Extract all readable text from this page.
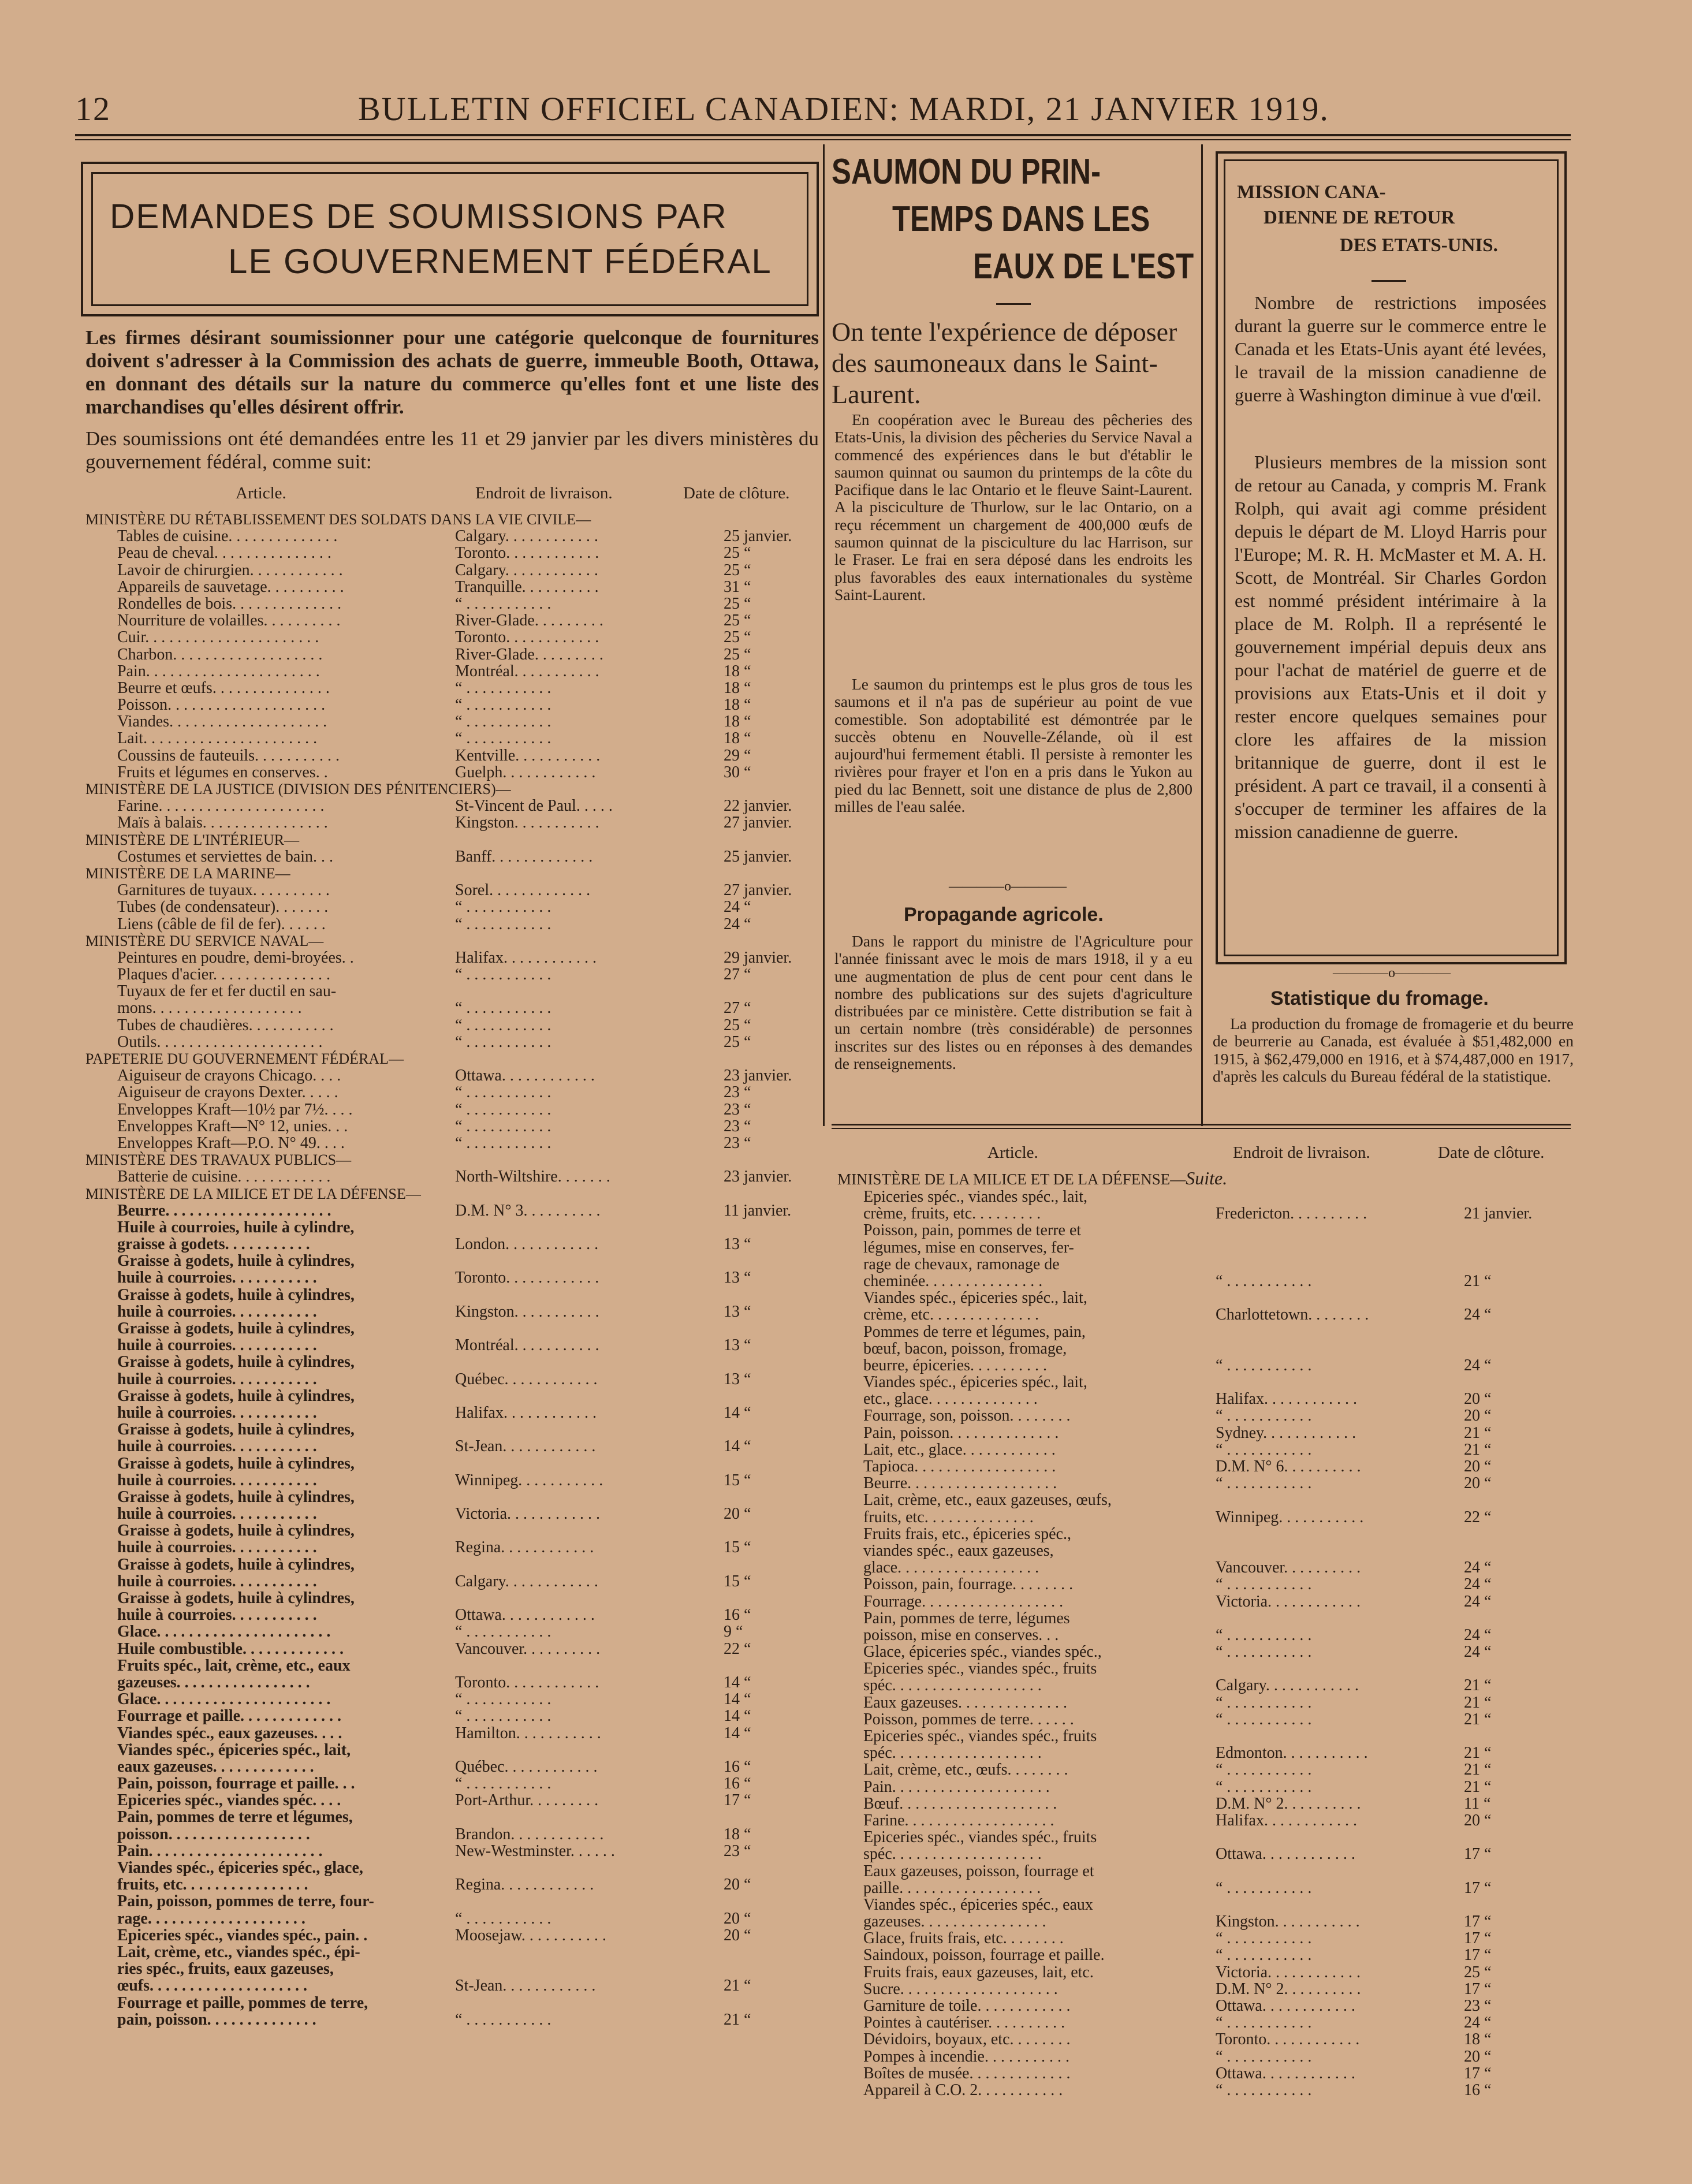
12	BULLETIN OFFICIEL CANADIEN: MARDI, 21 JANVIER 1919.
DEMANDES DE SOUMISSIONS PAR
LE GOUVERNEMENT FÉDÉRAL
Les firmes désirant soumissionner pour une catégorie quelconque de fournitures doivent s'adresser à la Commission des achats de guerre, immeuble Booth, Ottawa, en donnant des détails sur la nature du commerce qu'elles font et une liste des marchandises qu'elles désirent offrir.
Des soumissions ont été demandées entre les 11 et 29 janvier par les divers ministères du gouvernement fédéral, comme suit:
Article.	Endroit de livraison.	Date de clôture.
MINISTÈRE DU RÉTABLISSEMENT DES SOLDATS DANS LA VIE CIVILE—
Tables de cuisine. . . . . . . . . . . . . .	Calgary. . . . . . . . . . . .	25 janvier.
Peau de cheval. . . . . . . . . . . . . . .	Toronto. . . . . . . . . . . .	25 “
Lavoir de chirurgien. . . . . . . . . . . .	Calgary. . . . . . . . . . . .	25 “
Appareils de sauvetage. . . . . . . . . .	Tranquille. . . . . . . . . .	31 “
Rondelles de bois. . . . . . . . . . . . . .	“ . . . . . . . . . . .	25 “
Nourriture de volailles. . . . . . . . . .	River-Glade. . . . . . . . .	25 “
Cuir. . . . . . . . . . . . . . . . . . . . . .	Toronto. . . . . . . . . . . .	25 “
Charbon. . . . . . . . . . . . . . . . . . .	River-Glade. . . . . . . . .	25 “
Pain. . . . . . . . . . . . . . . . . . . . . .	Montréal. . . . . . . . . . .	18 “
Beurre et œufs. . . . . . . . . . . . . . .	“ . . . . . . . . . . .	18 “
Poisson. . . . . . . . . . . . . . . . . . . .	“ . . . . . . . . . . .	18 “
Viandes. . . . . . . . . . . . . . . . . . . .	“ . . . . . . . . . . .	18 “
Lait. . . . . . . . . . . . . . . . . . . . . .	“ . . . . . . . . . . .	18 “
Coussins de fauteuils. . . . . . . . . . .	Kentville. . . . . . . . . . .	29 “
Fruits et légumes en conserves. .	Guelph. . . . . . . . . . . .	30 “
MINISTÈRE DE LA JUSTICE (DIVISION DES PÉNITENCIERS)—
Farine. . . . . . . . . . . . . . . . . . . . .	St-Vincent de Paul. . . . .	22 janvier.
Maïs à balais. . . . . . . . . . . . . . . .	Kingston. . . . . . . . . . .	27 janvier.
MINISTÈRE DE L'INTÉRIEUR—
Costumes et serviettes de bain. . .	Banff. . . . . . . . . . . . .	25 janvier.
MINISTÈRE DE LA MARINE—
Garnitures de tuyaux. . . . . . . . . .	Sorel. . . . . . . . . . . . .	27 janvier.
Tubes (de condensateur). . . . . . .	“ . . . . . . . . . . .	24 “
Liens (câble de fil de fer). . . . . .	“ . . . . . . . . . . .	24 “
MINISTÈRE DU SERVICE NAVAL—
Peintures en poudre, demi-broyées. .	Halifax. . . . . . . . . . . .	29 janvier.
Plaques d'acier. . . . . . . . . . . . . . .	“ . . . . . . . . . . .	27 “
Tuyaux de fer et fer ductil en sau-
mons. . . . . . . . . . . . . . . . . . .	“ . . . . . . . . . . .	27 “
Tubes de chaudières. . . . . . . . . . .	“ . . . . . . . . . . .	25 “
Outils. . . . . . . . . . . . . . . . . . . . .	“ . . . . . . . . . . .	25 “
PAPETERIE DU GOUVERNEMENT FÉDÉRAL—
Aiguiseur de crayons Chicago. . . .	Ottawa. . . . . . . . . . . .	23 janvier.
Aiguiseur de crayons Dexter. . . . .	“ . . . . . . . . . . .	23 “
Enveloppes Kraft—10½ par 7½. . . .	“ . . . . . . . . . . .	23 “
Enveloppes Kraft—N° 12, unies. . .	“ . . . . . . . . . . .	23 “
Enveloppes Kraft—P.O. N° 49. . . .	“ . . . . . . . . . . .	23 “
MINISTÈRE DES TRAVAUX PUBLICS—
Batterie de cuisine. . . . . . . . . . . .	North-Wiltshire. . . . . . .	23 janvier.
MINISTÈRE DE LA MILICE ET DE LA DÉFENSE—
Beurre. . . . . . . . . . . . . . . . . . . . .	D.M. N° 3. . . . . . . . . .	11 janvier.
Huile à courroies, huile à cylindre,
graisse à godets. . . . . . . . . . .	London. . . . . . . . . . . .	13 “
Graisse à godets, huile à cylindres,
huile à courroies. . . . . . . . . . .	Toronto. . . . . . . . . . . .	13 “
Graisse à godets, huile à cylindres,
huile à courroies. . . . . . . . . . .	Kingston. . . . . . . . . . .	13 “
Graisse à godets, huile à cylindres,
huile à courroies. . . . . . . . . . .	Montréal. . . . . . . . . . .	13 “
Graisse à godets, huile à cylindres,
huile à courroies. . . . . . . . . . .	Québec. . . . . . . . . . . .	13 “
Graisse à godets, huile à cylindres,
huile à courroies. . . . . . . . . . .	Halifax. . . . . . . . . . . .	14 “
Graisse à godets, huile à cylindres,
huile à courroies. . . . . . . . . . .	St-Jean. . . . . . . . . . . .	14 “
Graisse à godets, huile à cylindres,
huile à courroies. . . . . . . . . . .	Winnipeg. . . . . . . . . . .	15 “
Graisse à godets, huile à cylindres,
huile à courroies. . . . . . . . . . .	Victoria. . . . . . . . . . . .	20 “
Graisse à godets, huile à cylindres,
huile à courroies. . . . . . . . . . .	Regina. . . . . . . . . . . .	15 “
Graisse à godets, huile à cylindres,
huile à courroies. . . . . . . . . . .	Calgary. . . . . . . . . . . .	15 “
Graisse à godets, huile à cylindres,
huile à courroies. . . . . . . . . . .	Ottawa. . . . . . . . . . . .	16 “
Glace. . . . . . . . . . . . . . . . . . . . . .	“ . . . . . . . . . . .	9 “
Huile combustible. . . . . . . . . . . . .	Vancouver. . . . . . . . . .	22 “
Fruits spéc., lait, crème, etc., eaux
gazeuses. . . . . . . . . . . . . . . . .	Toronto. . . . . . . . . . . .	14 “
Glace. . . . . . . . . . . . . . . . . . . . . .	“ . . . . . . . . . . .	14 “
Fourrage et paille. . . . . . . . . . . . .	“ . . . . . . . . . . .	14 “
Viandes spéc., eaux gazeuses. . . .	Hamilton. . . . . . . . . . .	14 “
Viandes spéc., épiceries spéc., lait,
eaux gazeuses. . . . . . . . . . . . .	Québec. . . . . . . . . . . .	16 “
Pain, poisson, fourrage et paille. . .	“ . . . . . . . . . . .	16 “
Epiceries spéc., viandes spéc. . . .	Port-Arthur. . . . . . . . .	17 “
Pain, pommes de terre et légumes,
poisson. . . . . . . . . . . . . . . . . .	Brandon. . . . . . . . . . . .	18 “
Pain. . . . . . . . . . . . . . . . . . . . . .	New-Westminster. . . . . .	23 “
Viandes spéc., épiceries spéc., glace,
fruits, etc. . . . . . . . . . . . . . . .	Regina. . . . . . . . . . . .	20 “
Pain, poisson, pommes de terre, four-
rage. . . . . . . . . . . . . . . . . . . .	“ . . . . . . . . . . .	20 “
Epiceries spéc., viandes spéc., pain. .	Moosejaw. . . . . . . . . . .	20 “
Lait, crème, etc., viandes spéc., épi-
ries spéc., fruits, eaux gazeuses,
œufs. . . . . . . . . . . . . . . . . . . .	St-Jean. . . . . . . . . . . .	21 “
Fourrage et paille, pommes de terre,
pain, poisson. . . . . . . . . . . . . .	“ . . . . . . . . . . .	21 “
SAUMON DU PRIN-
TEMPS DANS LES
EAUX DE L'EST
On tente l'expérience de déposer des saumoneaux dans le Saint-Laurent.
En coopération avec le Bureau des pêcheries des Etats-Unis, la division des pêcheries du Service Naval a commencé des expériences dans le but d'établir le saumon quinnat ou saumon du printemps de la côte du Pacifique dans le lac Ontario et le fleuve Saint-Laurent. A la pisciculture de Thurlow, sur le lac Ontario, on a reçu récemment un chargement de 400,000 œufs de saumon quinnat de la pisciculture du lac Harrison, sur le Fraser. Le frai en sera déposé dans les endroits les plus favorables des eaux internationales du système Saint-Laurent.
Le saumon du printemps est le plus gros de tous les saumons et il n'a pas de supérieur au point de vue comestible. Son adoptabilité est démontrée par le succès obtenu en Nouvelle-Zélande, où il est aujourd'hui fermement établi. Il persiste à remonter les rivières pour frayer et l'on en a pris dans le Yukon au pied du lac Bennett, soit une distance de plus de 2,800 milles de l'eau salée.
————o————
Propagande agricole.
Dans le rapport du ministre de l'Agriculture pour l'année finissant avec le mois de mars 1918, il y a eu une augmentation de plus de cent pour cent dans le nombre des publications sur des sujets d'agriculture distribuées par ce ministère. Cette distribution se fait à un certain nombre (très considérable) de personnes inscrites sur des listes ou en réponses à des demandes de renseignements.
MISSION CANA-
DIENNE DE RETOUR
DES ETATS-UNIS.
Nombre de restrictions imposées durant la guerre sur le commerce entre le Canada et les Etats-Unis ayant été levées, le travail de la mission canadienne de guerre à Washington diminue à vue d'œil.
Plusieurs membres de la mission sont de retour au Canada, y compris M. Frank Rolph, qui avait agi comme président depuis le départ de M. Lloyd Harris pour l'Europe; M. R. H. McMaster et M. A. H. Scott, de Montréal. Sir Charles Gordon est nommé président intérimaire à la place de M. Rolph. Il a représenté le gouvernement impérial depuis deux ans pour l'achat de matériel de guerre et de provisions aux Etats-Unis et il doit y rester encore quelques semaines pour clore les affaires de la mission britannique de guerre, dont il est le président. A part ce travail, il a consenti à s'occuper de terminer les affaires de la mission canadienne de guerre.
————o————
Statistique du fromage.
La production du fromage de fromagerie et du beurre de beurrerie au Canada, est évaluée à $51,482,000 en 1915, à $62,479,000 en 1916, et à $74,487,000 en 1917, d'après les calculs du Bureau fédéral de la statistique.
Article.	Endroit de livraison.	Date de clôture.
MINISTÈRE DE LA MILICE ET DE LA DÉFENSE—Suite.
Epiceries spéc., viandes spéc., lait,
crème, fruits, etc. . . . . . . . .	Fredericton. . . . . . . . . .	21 janvier.
Poisson, pain, pommes de terre et
légumes, mise en conserves, fer-
rage de chevaux, ramonage de
cheminée. . . . . . . . . . . . . . .	“ . . . . . . . . . . .	21 “
Viandes spéc., épiceries spéc., lait,
crème, etc. . . . . . . . . . . . . .	Charlottetown. . . . . . . .	24 “
Pommes de terre et légumes, pain,
bœuf, bacon, poisson, fromage,
beurre, épiceries. . . . . . . . . .	“ . . . . . . . . . . .	24 “
Viandes spéc., épiceries spéc., lait,
etc., glace. . . . . . . . . . . . . .	Halifax. . . . . . . . . . . .	20 “
Fourrage, son, poisson. . . . . . . .	“ . . . . . . . . . . .	20 “
Pain, poisson. . . . . . . . . . . . . .	Sydney. . . . . . . . . . . .	21 “
Lait, etc., glace. . . . . . . . . . . .	“ . . . . . . . . . . .	21 “
Tapioca. . . . . . . . . . . . . . . . . .	D.M. N° 6. . . . . . . . . .	20 “
Beurre. . . . . . . . . . . . . . . . . . .	“ . . . . . . . . . . .	20 “
Lait, crème, etc., eaux gazeuses, œufs,
fruits, etc. . . . . . . . . . . . . .	Winnipeg. . . . . . . . . . .	22 “
Fruits frais, etc., épiceries spéc.,
viandes spéc., eaux gazeuses,
glace. . . . . . . . . . . . . . . . . .	Vancouver. . . . . . . . . .	24 “
Poisson, pain, fourrage. . . . . . . .	“ . . . . . . . . . . .	24 “
Fourrage. . . . . . . . . . . . . . . . . .	Victoria. . . . . . . . . . . .	24 “
Pain, pommes de terre, légumes
poisson, mise en conserves. . .	“ . . . . . . . . . . .	24 “
Glace, épiceries spéc., viandes spéc.,	“ . . . . . . . . . . .	24 “
Epiceries spéc., viandes spéc., fruits
spéc. . . . . . . . . . . . . . . . . . .	Calgary. . . . . . . . . . . .	21 “
Eaux gazeuses. . . . . . . . . . . . . .	“ . . . . . . . . . . .	21 “
Poisson, pommes de terre. . . . . .	“ . . . . . . . . . . .	21 “
Epiceries spéc., viandes spéc., fruits
spéc. . . . . . . . . . . . . . . . . . .	Edmonton. . . . . . . . . . .	21 “
Lait, crème, etc., œufs. . . . . . . .	“ . . . . . . . . . . .	21 “
Pain. . . . . . . . . . . . . . . . . . . .	“ . . . . . . . . . . .	21 “
Bœuf. . . . . . . . . . . . . . . . . . . .	D.M. N° 2. . . . . . . . . .	11 “
Farine. . . . . . . . . . . . . . . . . . .	Halifax. . . . . . . . . . . .	20 “
Epiceries spéc., viandes spéc., fruits
spéc. . . . . . . . . . . . . . . . . . .	Ottawa. . . . . . . . . . . .	17 “
Eaux gazeuses, poisson, fourrage et
paille. . . . . . . . . . . . . . . . . .	“ . . . . . . . . . . .	17 “
Viandes spéc., épiceries spéc., eaux
gazeuses. . . . . . . . . . . . . . . .	Kingston. . . . . . . . . . .	17 “
Glace, fruits frais, etc. . . . . . . .	“ . . . . . . . . . . .	17 “
Saindoux, poisson, fourrage et paille.	“ . . . . . . . . . . .	17 “
Fruits frais, eaux gazeuses, lait, etc.	Victoria. . . . . . . . . . . .	25 “
Sucre. . . . . . . . . . . . . . . . . . . .	D.M. N° 2. . . . . . . . . .	17 “
Garniture de toile. . . . . . . . . . . .	Ottawa. . . . . . . . . . . .	23 “
Pointes à cautériser. . . . . . . . . .	“ . . . . . . . . . . .	24 “
Dévidoirs, boyaux, etc. . . . . . . .	Toronto. . . . . . . . . . . .	18 “
Pompes à incendie. . . . . . . . . . .	“ . . . . . . . . . . .	20 “
Boîtes de musée. . . . . . . . . . . . .	Ottawa. . . . . . . . . . . .	17 “
Appareil à C.O. 2. . . . . . . . . . .	“ . . . . . . . . . . .	16 “
